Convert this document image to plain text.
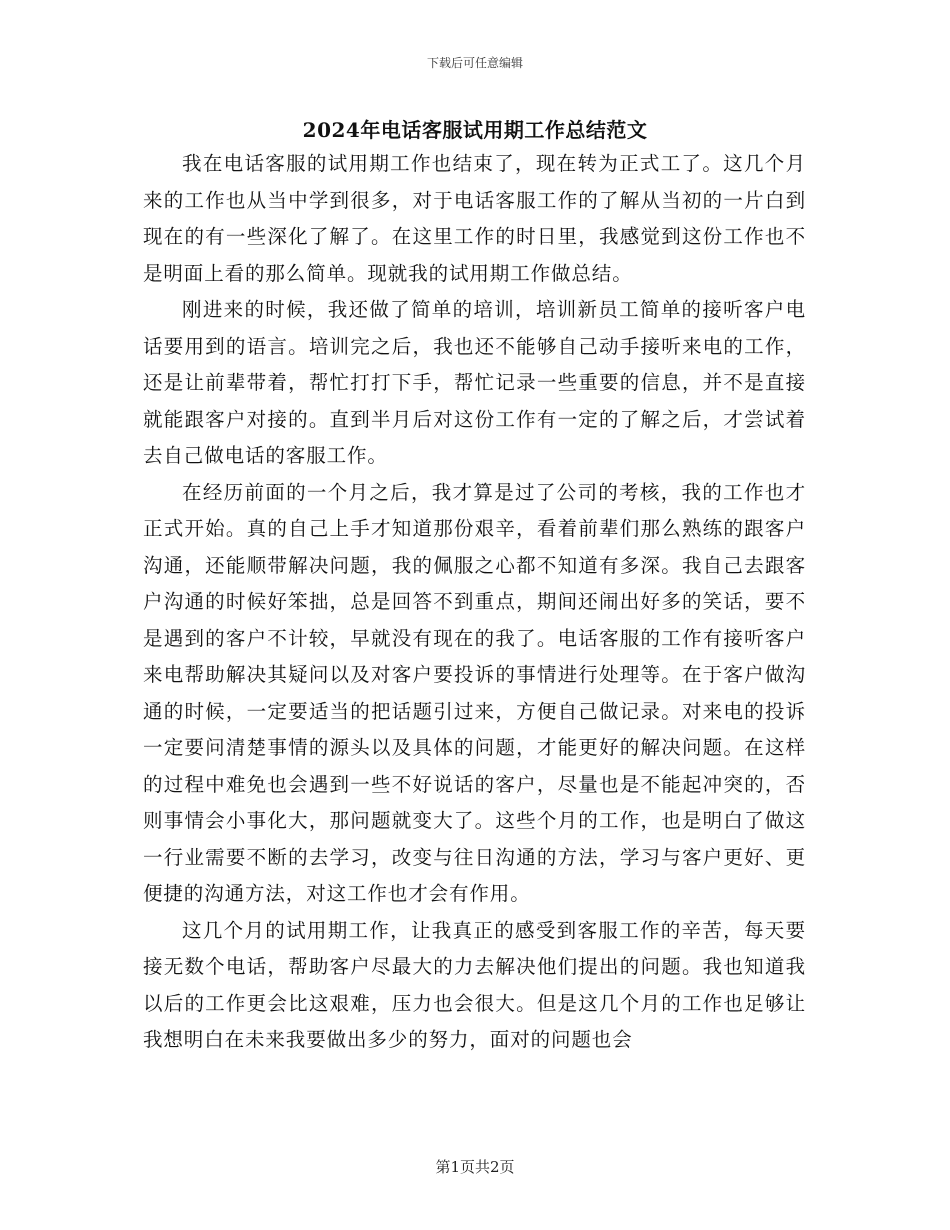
下载后可任意编辑
2024年电话客服试用期工作总结范文

我在电话客服的试用期工作也结束了，现在转为正式工了。这几个月来的工作也从当中学到很多，对于电话客服工作的了解从当初的一片白到现在的有一些深化了解了。在这里工作的时日里，我感觉到这份工作也不是明面上看的那么简单。现就我的试用期工作做总结。

刚进来的时候，我还做了简单的培训，培训新员工简单的接听客户电话要用到的语言。培训完之后，我也还不能够自己动手接听来电的工作，还是让前辈带着，帮忙打打下手，帮忙记录一些重要的信息，并不是直接就能跟客户对接的。直到半月后对这份工作有一定的了解之后，才尝试着去自己做电话的客服工作。

在经历前面的一个月之后，我才算是过了公司的考核，我的工作也才正式开始。真的自己上手才知道那份艰辛，看着前辈们那么熟练的跟客户沟通，还能顺带解决问题，我的佩服之心都不知道有多深。我自己去跟客户沟通的时候好笨拙，总是回答不到重点，期间还闹出好多的笑话，要不是遇到的客户不计较，早就没有现在的我了。电话客服的工作有接听客户来电帮助解决其疑问以及对客户要投诉的事情进行处理等。在于客户做沟通的时候，一定要适当的把话题引过来，方便自己做记录。对来电的投诉一定要问清楚事情的源头以及具体的问题，才能更好的解决问题。在这样的过程中难免也会遇到一些不好说话的客户，尽量也是不能起冲突的，否则事情会小事化大，那问题就变大了。这些个月的工作，也是明白了做这一行业需要不断的去学习，改变与往日沟通的方法，学习与客户更好、更便捷的沟通方法，对这工作也才会有作用。

这几个月的试用期工作，让我真正的感受到客服工作的辛苦，每天要接无数个电话，帮助客户尽最大的力去解决他们提出的问题。我也知道我以后的工作更会比这艰难，压力也会很大。但是这几个月的工作也足够让我想明白在未来我要做出多少的努力，面对的问题也会

第1页共2页
